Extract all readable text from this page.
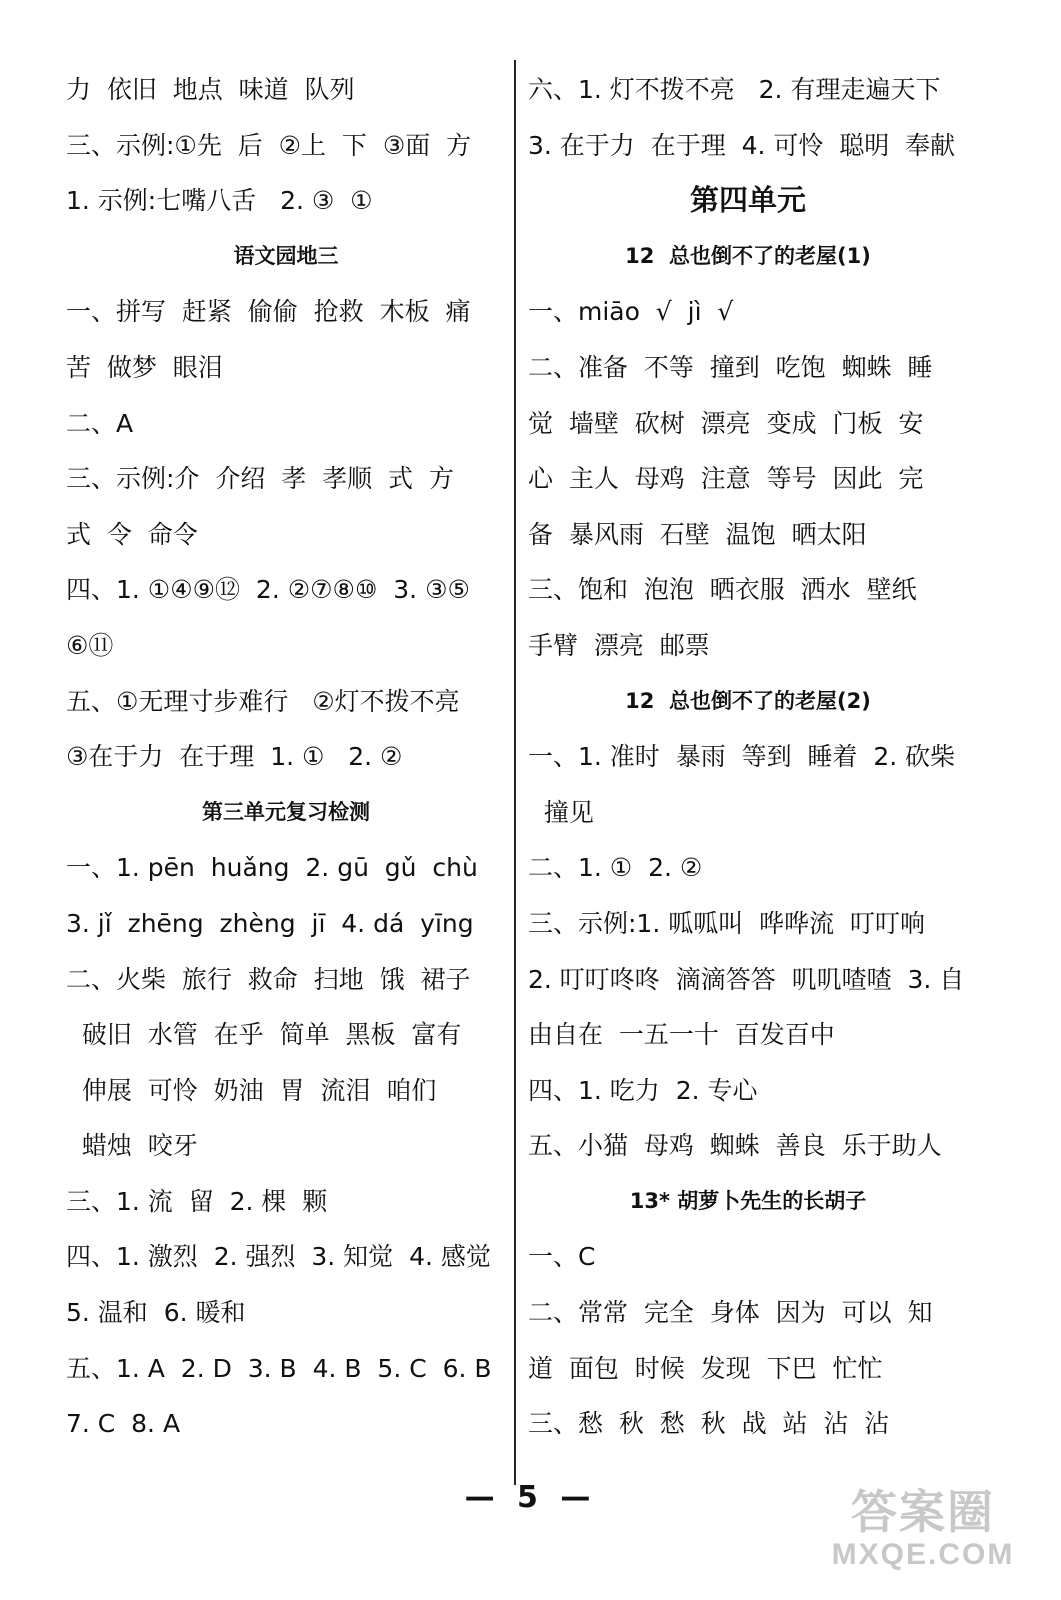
力  依旧  地点  味道  队列
三、示例:①先  后  ②上  下  ③面  方
1. 示例:七嘴八舌   2. ③  ①
语文园地三
一、拼写  赶紧  偷偷  抢救  木板  痛
苦  做梦  眼泪
二、A
三、示例:介  介绍  孝  孝顺  式  方
式  令  命令
四、1. ①④⑨⑫  2. ②⑦⑧⑩  3. ③⑤
⑥⑪
五、①无理寸步难行   ②灯不拨不亮
③在于力  在于理  1. ①   2. ②
第三单元复习检测
一、1. pēn  huǎng  2. gū  gǔ  chù
3. jǐ  zhēng  zhèng  jī  4. dá  yīng
二、火柴  旅行  救命  扫地  饿  裙子
破旧  水管  在乎  简单  黑板  富有
伸展  可怜  奶油  胃  流泪  咱们
蜡烛  咬牙
三、1. 流  留  2. 棵  颗
四、1. 激烈  2. 强烈  3. 知觉  4. 感觉
5. 温和  6. 暖和
五、1. A  2. D  3. B  4. B  5. C  6. B
7. C  8. A
六、1. 灯不拨不亮   2. 有理走遍天下
3. 在于力  在于理  4. 可怜  聪明  奉献
第四单元
12  总也倒不了的老屋(1)
一、miāo  √  jì  √
二、准备  不等  撞到  吃饱  蜘蛛  睡
觉  墙壁  砍树  漂亮  变成  门板  安
心  主人  母鸡  注意  等号  因此  完
备  暴风雨  石壁  温饱  晒太阳
三、饱和  泡泡  晒衣服  洒水  壁纸
手臂  漂亮  邮票
12  总也倒不了的老屋(2)
一、1. 准时  暴雨  等到  睡着  2. 砍柴
撞见
二、1. ①  2. ②
三、示例:1. 呱呱叫  哗哗流  叮叮响
2. 叮叮咚咚  滴滴答答  叽叽喳喳  3. 自
由自在  一五一十  百发百中
四、1. 吃力  2. 专心
五、小猫  母鸡  蜘蛛  善良  乐于助人
13* 胡萝卜先生的长胡子
一、C
二、常常  完全  身体  因为  可以  知
道  面包  时候  发现  下巴  忙忙
三、愁  秋  愁  秋  战  站  沾  沾
— 5 —	答案圈
MXQE.COM
